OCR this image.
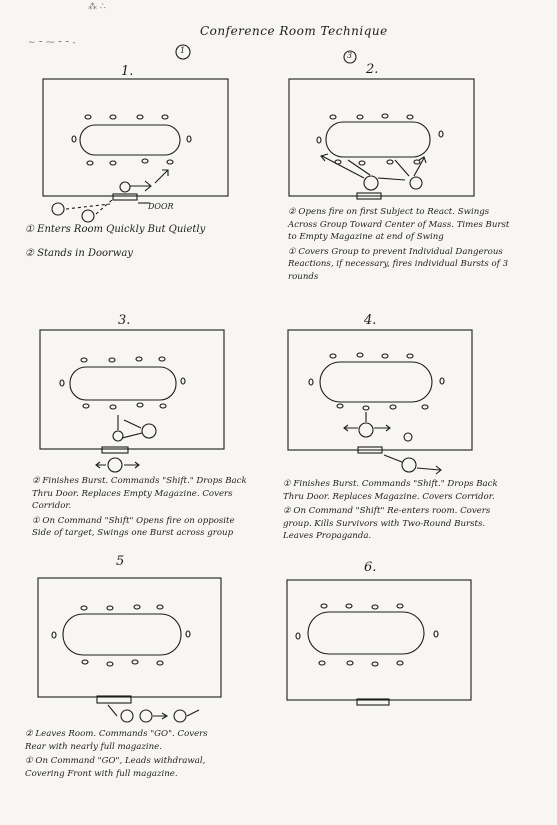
⁂ ∴
∼ ⁃ ⁓ ⁃ ⁃ -
Conference Room Technique
1.	2.
3.	4.
5	6.
DOOR

① Enters Room Quickly But Quietly

② Stands in Doorway

② Opens fire on first Subject to React. Swings Across Group Toward Center of Mass. Times Burst to Empty Magazine at end of Swing

① Covers Group to prevent Individual Dangerous Reactions, if necessary, fires individual Bursts of 3 rounds

② Finishes Burst. Commands "Shift." Drops Back Thru Door. Replaces Empty Magazine. Covers Corridor.

① On Command "Shift" Opens fire on opposite Side of target, Swings one Burst across group

① Finishes Burst. Commands "Shift." Drops Back Thru Door. Replaces Magazine. Covers Corridor.

② On Command "Shift" Re-enters room. Covers group. Kills Survivors with Two-Round Bursts. Leaves Propaganda.

② Leaves Room. Commands "GO". Covers Rear with nearly full magazine.

① On Command "GO", Leads withdrawal, Covering Front with full magazine.

1
3
